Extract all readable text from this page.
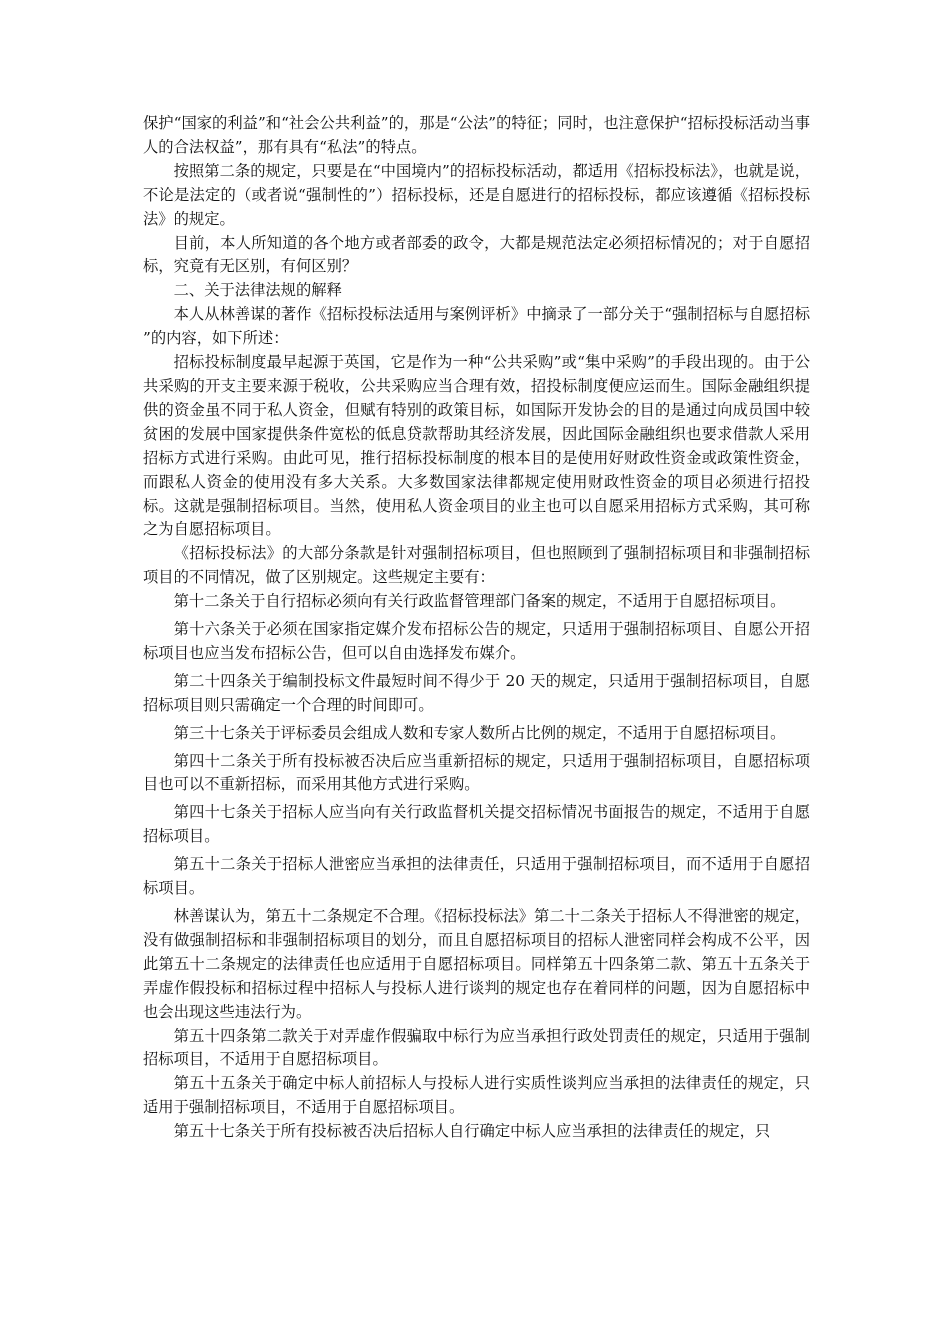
保护“国家的利益”和“社会公共利益”的，那是“公法”的特征；同时，也注意保护“招标投标活动当事人的合法权益”，那有具有“私法”的特点。

按照第二条的规定，只要是在“中国境内”的招标投标活动，都适用《招标投标法》，也就是说，不论是法定的（或者说“强制性的”）招标投标，还是自愿进行的招标投标，都应该遵循《招标投标法》的规定。

目前，本人所知道的各个地方或者部委的政令，大都是规范法定必须招标情况的；对于自愿招标，究竟有无区别，有何区别？

二、关于法律法规的解释

本人从林善谋的著作《招标投标法适用与案例评析》中摘录了一部分关于“强制招标与自愿招标 ”的内容，如下所述：

招标投标制度最早起源于英国，它是作为一种“公共采购”或“集中采购”的手段出现的。由于公共采购的开支主要来源于税收，公共采购应当合理有效，招投标制度便应运而生。国际金融组织提供的资金虽不同于私人资金，但赋有特别的政策目标，如国际开发协会的目的是通过向成员国中较贫困的发展中国家提供条件宽松的低息贷款帮助其经济发展，因此国际金融组织也要求借款人采用招标方式进行采购。由此可见，推行招标投标制度的根本目的是使用好财政性资金或政策性资金，而跟私人资金的使用没有多大关系。大多数国家法律都规定使用财政性资金的项目必须进行招投标。这就是强制招标项目。当然，使用私人资金项目的业主也可以自愿采用招标方式采购，其可称之为自愿招标项目。

《招标投标法》的大部分条款是针对强制招标项目，但也照顾到了强制招标项目和非强制招标项目的不同情况，做了区别规定。这些规定主要有：

第十二条关于自行招标必须向有关行政监督管理部门备案的规定，不适用于自愿招标项目。

第十六条关于必须在国家指定媒介发布招标公告的规定，只适用于强制招标项目、自愿公开招标项目也应当发布招标公告，但可以自由选择发布媒介。

第二十四条关于编制投标文件最短时间不得少于 20 天的规定，只适用于强制招标项目，自愿招标项目则只需确定一个合理的时间即可。

第三十七条关于评标委员会组成人数和专家人数所占比例的规定，不适用于自愿招标项目。

第四十二条关于所有投标被否决后应当重新招标的规定，只适用于强制招标项目，自愿招标项目也可以不重新招标，而采用其他方式进行采购。

第四十七条关于招标人应当向有关行政监督机关提交招标情况书面报告的规定，不适用于自愿招标项目。

第五十二条关于招标人泄密应当承担的法律责任，只适用于强制招标项目，而不适用于自愿招标项目。

林善谋认为，第五十二条规定不合理。《招标投标法》第二十二条关于招标人不得泄密的规定，没有做强制招标和非强制招标项目的划分，而且自愿招标项目的招标人泄密同样会构成不公平，因此第五十二条规定的法律责任也应适用于自愿招标项目。同样第五十四条第二款、第五十五条关于弄虚作假投标和招标过程中招标人与投标人进行谈判的规定也存在着同样的问题，因为自愿招标中也会出现这些违法行为。

第五十四条第二款关于对弄虚作假骗取中标行为应当承担行政处罚责任的规定，只适用于强制招标项目，不适用于自愿招标项目。

第五十五条关于确定中标人前招标人与投标人进行实质性谈判应当承担的法律责任的规定，只适用于强制招标项目，不适用于自愿招标项目。

第五十七条关于所有投标被否决后招标人自行确定中标人应当承担的法律责任的规定，只
